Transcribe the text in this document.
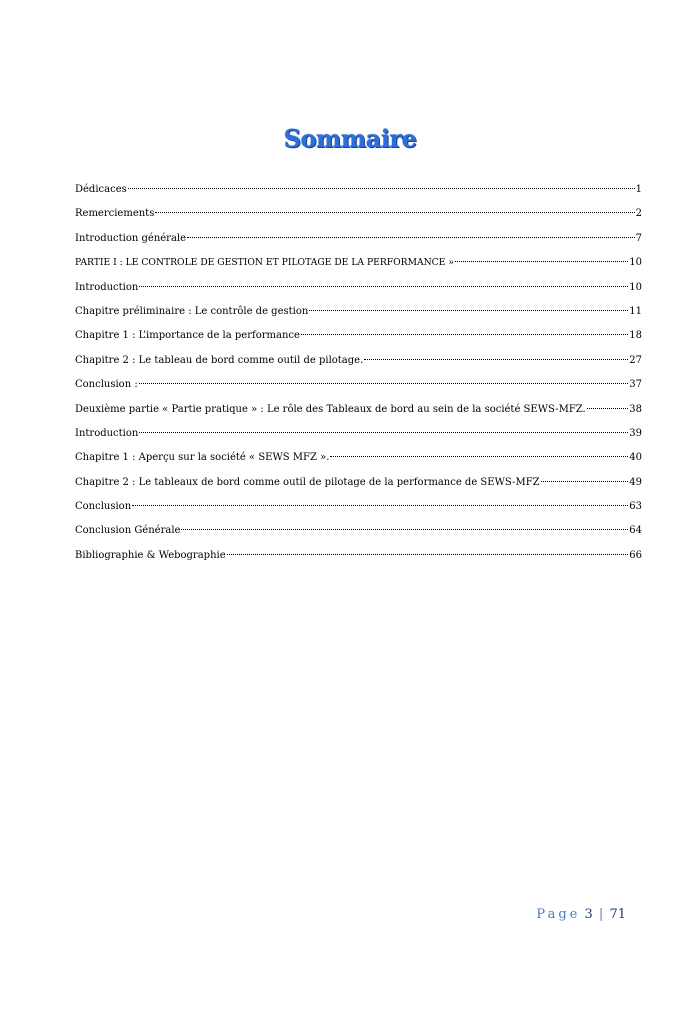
Sommaire
Dédicaces	1
Remerciements	2
Introduction générale	7
PARTIE I : LE CONTROLE DE GESTION ET PILOTAGE DE LA PERFORMANCE »	10
Introduction	10
Chapitre préliminaire : Le contrôle de gestion	11
Chapitre 1 : L’importance de la performance	18
Chapitre 2 : Le tableau de bord comme outil de pilotage.	27
Conclusion :	37
Deuxième partie « Partie pratique » : Le rôle des Tableaux de bord au sein de la société SEWS-MFZ.	38
Introduction	39
Chapitre 1 : Aperçu sur la société « SEWS MFZ ».	40
Chapitre 2 : Le tableaux de bord comme outil de pilotage de la performance de SEWS-MFZ	49
Conclusion	63
Conclusion Générale	64
Bibliographie & Webographie	66
Page 3 | 71
